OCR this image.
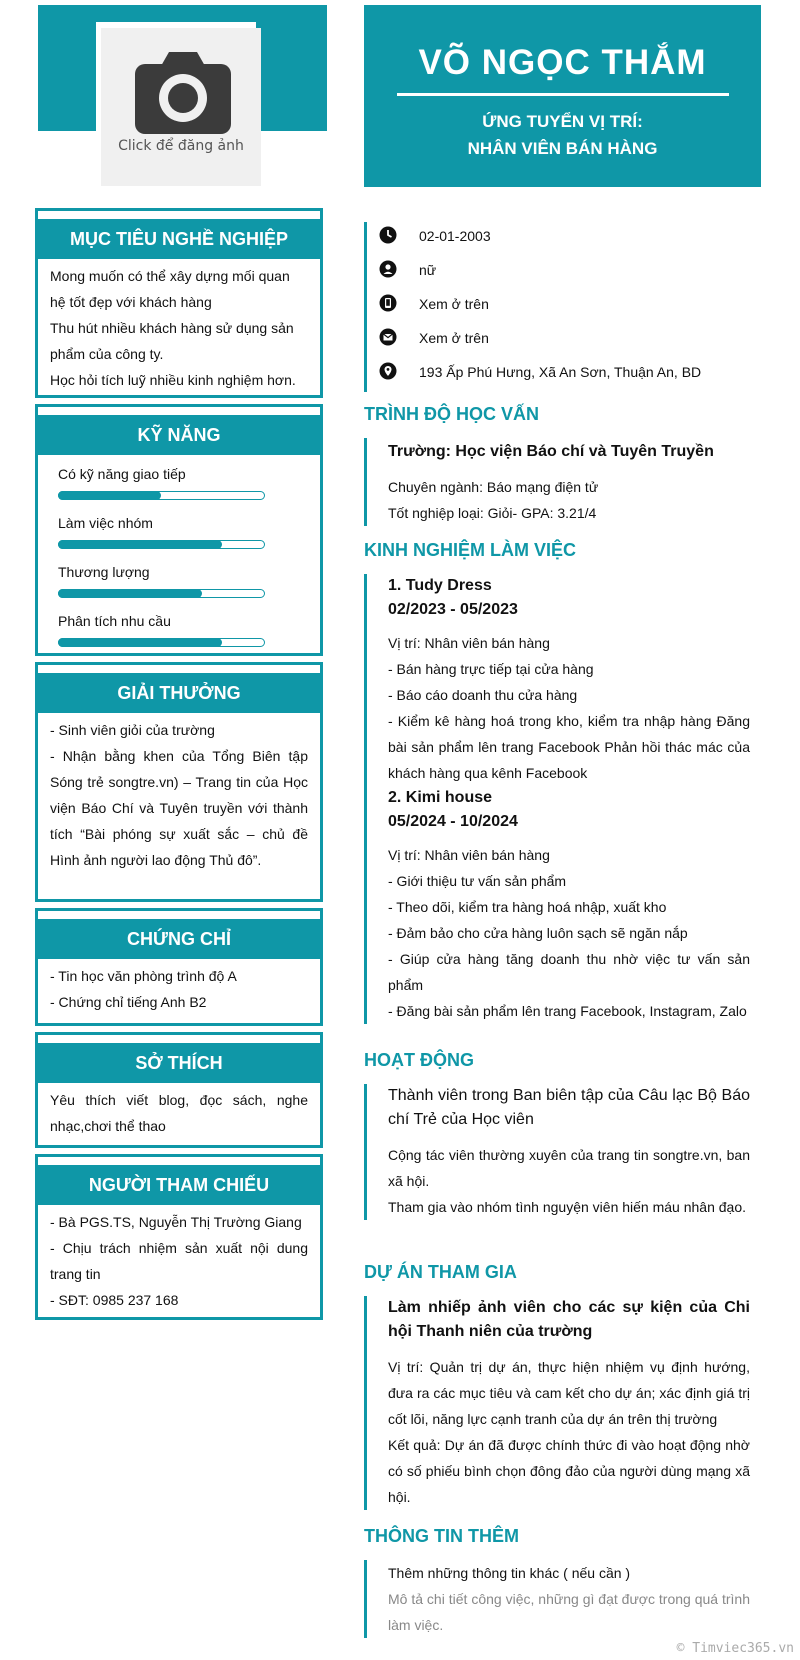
Click để đăng ảnh
VÕ NGỌC THẮM
ỨNG TUYỂN VỊ TRÍ:
NHÂN VIÊN BÁN HÀNG
MỤC TIÊU NGHỀ NGHIỆP

Mong muốn có thể xây dựng mối quan hệ tốt đẹp với khách hàng

Thu hút nhiều khách hàng sử dụng sản phẩm của công ty.

Học hỏi tích luỹ nhiều kinh nghiệm hơn.

KỸ NĂNG
Có kỹ năng giao tiếp
Làm việc nhóm
Thương lượng
Phân tích nhu cầu
GIẢI THƯỞNG

- Sinh viên giỏi của trường

- Nhận bằng khen của Tổng Biên tập Sóng trẻ songtre.vn) – Trang tin của Học viện Báo Chí và Tuyên truyền với thành tích “Bài phóng sự xuất sắc – chủ đề Hình ảnh người lao động Thủ đô”.

CHỨNG CHỈ

- Tin học văn phòng trình độ A

- Chứng chỉ tiếng Anh B2

SỞ THÍCH

Yêu thích viết blog, đọc sách, nghe nhạc,chơi thể thao

NGƯỜI THAM CHIẾU

- Bà PGS.TS, Nguyễn Thị Trường Giang

- Chịu trách nhiệm sản xuất nội dung trang tin

- SĐT: 0985 237 168

02-01-2003
nữ
Xem ở trên
Xem ở trên
193 Ấp Phú Hưng, Xã An Sơn, Thuận An, BD
TRÌNH ĐỘ HỌC VẤN

Trường: Học viện Báo chí và Tuyên Truyền

Chuyên ngành: Báo mạng điện tử

Tốt nghiệp loại: Giỏi- GPA: 3.21/4

KINH NGHIỆM LÀM VIỆC

1. Tudy Dress

02/2023 - 05/2023

Vị trí: Nhân viên bán hàng

- Bán hàng trực tiếp tại cửa hàng

- Báo cáo doanh thu cửa hàng

- Kiểm kê hàng hoá trong kho, kiểm tra nhập hàng Đăng bài sản phẩm lên trang Facebook Phản hồi thác mác của khách hàng qua kênh Facebook

2. Kimi house

05/2024 - 10/2024

Vị trí: Nhân viên bán hàng

- Giới thiệu tư vấn sản phẩm

- Theo dõi, kiểm tra hàng hoá nhập, xuất kho

- Đảm bảo cho cửa hàng luôn sạch sẽ ngăn nắp

- Giúp cửa hàng tăng doanh thu nhờ việc tư vấn sản phẩm

- Đăng bài sản phẩm lên trang Facebook, Instagram, Zalo

HOẠT ĐỘNG

Thành viên trong Ban biên tập của Câu lạc Bộ Báo chí Trẻ của Học viên

Cộng tác viên thường xuyên của trang tin songtre.vn, ban xã hội.

Tham gia vào nhóm tình nguyện viên hiến máu nhân đạo.

DỰ ÁN THAM GIA

Làm nhiếp ảnh viên cho các sự kiện của Chi hội Thanh niên của trường

Vị trí: Quản trị dự án, thực hiện nhiệm vụ định hướng, đưa ra các mục tiêu và cam kết cho dự án; xác định giá trị cốt lõi, năng lực cạnh tranh của dự án trên thị trường

Kết quả: Dự án đã được chính thức đi vào hoạt động nhờ có số phiếu bình chọn đông đảo của người dùng mạng xã hội.

THÔNG TIN THÊM

Thêm những thông tin khác ( nếu cần )

Mô tả chi tiết công việc, những gì đạt được trong quá trình làm việc.

© Timviec365.vn
